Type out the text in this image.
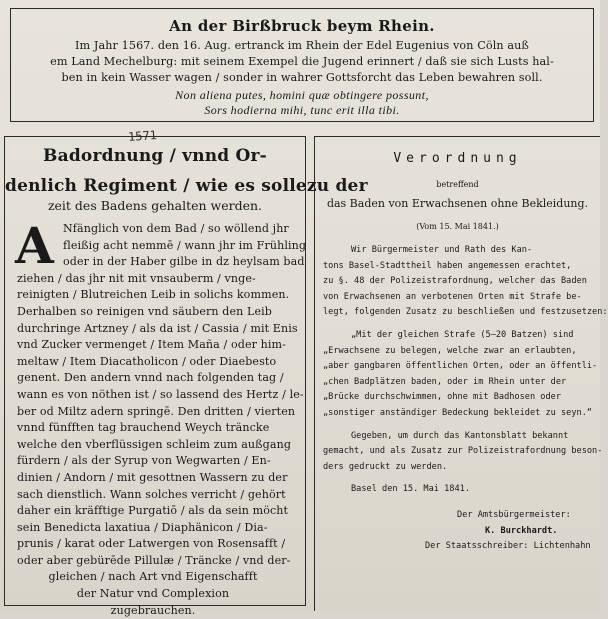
An der Birßbruck beym Rhein.
Im Jahr 1567. den 16. Aug. ertranck im Rhein der Edel Eugenius von Cöln auß
em Land Mechelburg: mit seinem Exempel die Jugend erinnert / daß sie sich Lusts hal-
ben in kein Wasser wagen / sonder in wahrer Gottsforcht das Leben bewahren soll.
Non aliena putes, homini quæ obtingere possunt,
Sors hodierna mihi, tunc erit illa tibi.
1571
Badordnung / vnnd Or-
denlich Regiment / wie es sollezu der
zeit des Badens gehalten werden.
A Nfänglich von dem Bad / so wöllend jhr
fleißig acht nemmē / wann jhr im Frühling
oder in der Haber gilbe in dz heylsam bad
ziehen / das jhr nit mit vnsauberm / vnge-
reinigten / Blutreichen Leib in solichs kommen.
Derhalben so reinigen vnd säubern den Leib
durchringe Artzney / als da ist / Cassia / mit Enis
vnd Zucker vermenget / Item Maña / oder him-
meltaw / Item Diacatholicon / oder Diaebesto
genent. Den andern vnnd nach folgenden tag /
wann es von nöthen ist / so lassend des Hertz / le-
ber od Miltz adern springē. Den dritten / vierten
vnnd fünfften tag brauchend Weych träncke
welche den vberflüssigen schleim zum außgang
fürdern / als der Syrup von Wegwarten / En-
dinien / Andorn / mit gesottnen Wassern zu der
sach dienstlich. Wann solches verricht / gehört
daher ein kräfftige Purgatiō / als da sein möcht
sein Benedicta laxatiua / Diaphänicon / Dia-
prunis / karat oder Latwergen von Rosensafft /
oder aber gebürēde Pillulæ / Träncke / vnd der-
gleichen / nach Art vnd Eigenschafft
der Natur vnd Complexion
zugebrauchen.
Verordnung
betreffend
das Baden von Erwachsenen ohne Bekleidung.
(Vom 15. Mai 1841.)
Wir Bürgermeister und Rath des Kan-
tons Basel-Stadttheil haben angemessen erachtet,
zu §. 48 der Polizeistrafordnung, welcher das Baden
von Erwachsenen an verbotenen Orten mit Strafe be-
legt, folgenden Zusatz zu beschließen und festzusetzen:
„Mit der gleichen Strafe (5—20 Batzen) sind
„Erwachsene zu belegen, welche zwar an erlaubten,
„aber gangbaren öffentlichen Orten, oder an öffentli-
„chen Badplätzen baden, oder im Rhein unter der
„Brücke durchschwimmen, ohne mit Badhosen oder
„sonstiger anständiger Bedeckung bekleidet zu seyn.“
Gegeben, um durch das Kantonsblatt bekannt
gemacht, und als Zusatz zur Polizeistrafordnung beson-
ders gedruckt zu werden.
Basel den 15. Mai 1841.
Der Amtsbürgermeister:
K. Burckhardt.
Der Staatsschreiber: Lichtenhahn
